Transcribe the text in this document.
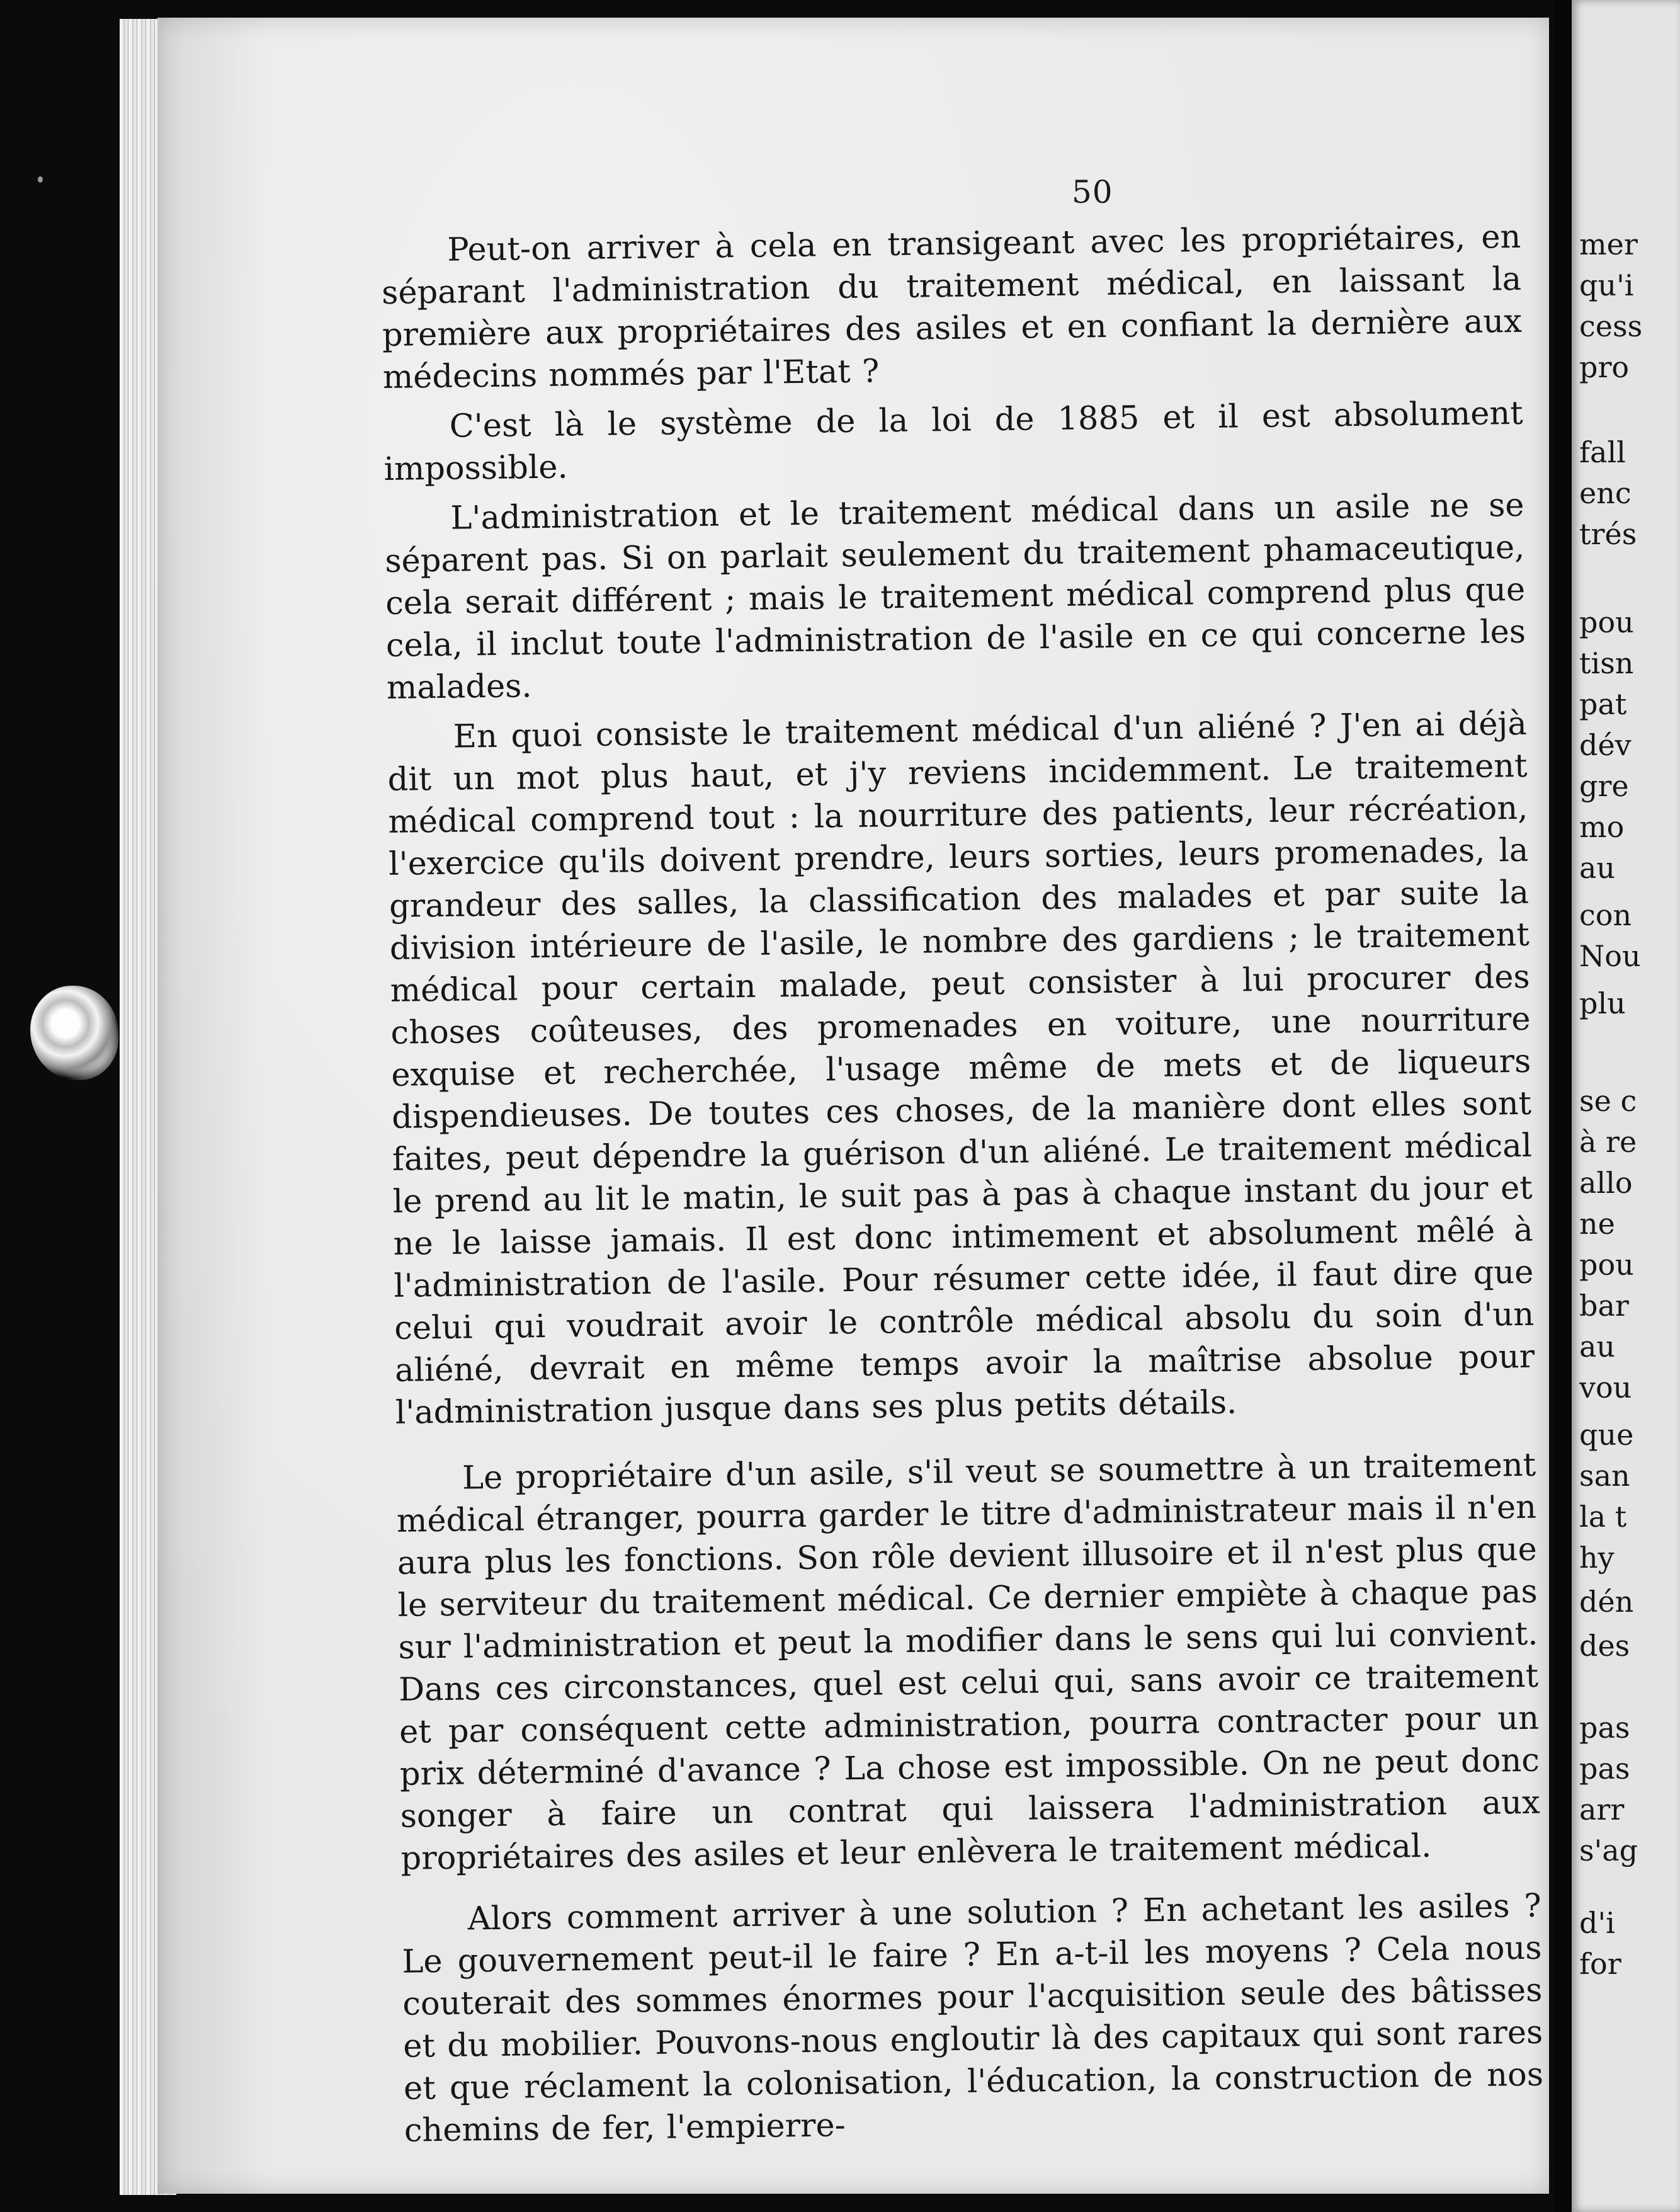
50

Peut-on arriver à cela en transigeant avec les propriétaires, en séparant l'administration du traitement médical, en laissant la première aux propriétaires des asiles et en confiant la dernière aux médecins nommés par l'Etat ?

C'est là le système de la loi de 1885 et il est absolument impossible.

L'administration et le traitement médical dans un asile ne se séparent pas. Si on parlait seulement du traitement phamaceutique, cela serait différent ; mais le traitement médical comprend plus que cela, il inclut toute l'administration de l'asile en ce qui concerne les malades.

En quoi consiste le traitement médical d'un aliéné ? J'en ai déjà dit un mot plus haut, et j'y reviens incidemment. Le traitement médical comprend tout : la nourriture des patients, leur récréation, l'exercice qu'ils doivent prendre, leurs sorties, leurs promenades, la grandeur des salles, la classification des malades et par suite la division intérieure de l'asile, le nombre des gardiens ; le traitement médical pour certain malade, peut consister à lui procurer des choses coûteuses, des promenades en voiture, une nourriture exquise et recherchée, l'usage même de mets et de liqueurs dispendieuses. De toutes ces choses, de la manière dont elles sont faites, peut dépendre la guérison d'un aliéné. Le traitement médical le prend au lit le matin, le suit pas à pas à chaque instant du jour et ne le laisse jamais. Il est donc intimement et absolument mêlé à l'administration de l'asile. Pour résumer cette idée, il faut dire que celui qui voudrait avoir le contrôle médical absolu du soin d'un aliéné, devrait en même temps avoir la maîtrise absolue pour l'administration jusque dans ses plus petits détails.

Le propriétaire d'un asile, s'il veut se soumettre à un traitement médical étranger, pourra garder le titre d'administrateur mais il n'en aura plus les fonctions. Son rôle devient illusoire et il n'est plus que le serviteur du traitement médical. Ce dernier empiète à chaque pas sur l'administration et peut la modifier dans le sens qui lui convient. Dans ces circonstances, quel est celui qui, sans avoir ce traitement et par conséquent cette administration, pourra contracter pour un prix déterminé d'avance ? La chose est impossible. On ne peut donc songer à faire un contrat qui laissera l'administration aux propriétaires des asiles et leur enlèvera le traitement médical.

Alors comment arriver à une solution ? En achetant les asiles ? Le gouvernement peut-il le faire ? En a-t-il les moyens ? Cela nous couterait des sommes énormes pour l'acquisition seule des bâtisses et du mobilier. Pouvons-nous engloutir là des capitaux qui sont rares et que réclament la colonisation, l'éducation, la construction de nos chemins de fer, l'empierre-

mer
qu'i
cess
pro
fall
enc
trés
pou
tisn
pat
dév
gre
mo
au
con
Nou
plu
se c
à re
allo
ne
pou
bar
au
vou
que
san
la t
hy
dén
des
pas
pas
arr
s'ag
d'i
for
